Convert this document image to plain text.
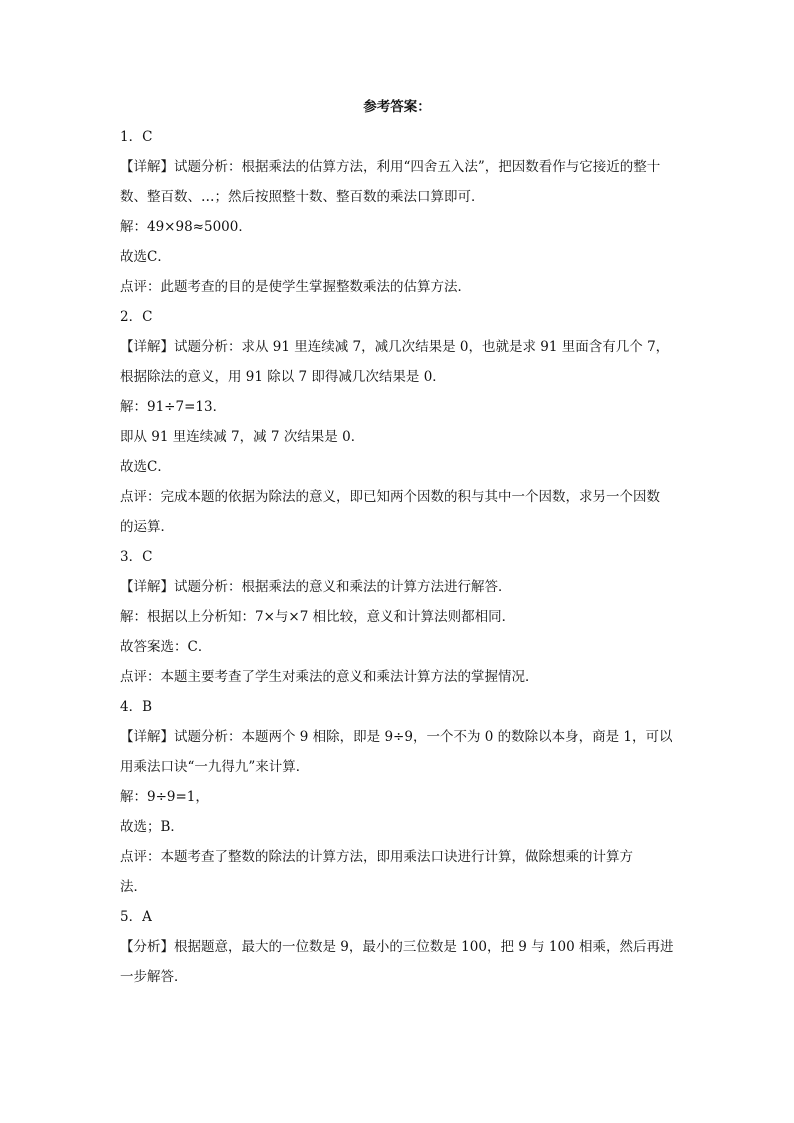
参考答案：
1．C
【详解】试题分析：根据乘法的估算方法，利用“四舍五入法”，把因数看作与它接近的整十
数、整百数、…；然后按照整十数、整百数的乘法口算即可．
解：49×98≈5000．
故选C．
点评：此题考查的目的是使学生掌握整数乘法的估算方法．
2．C
【详解】试题分析：求从 91 里连续减 7，减几次结果是 0，也就是求 91 里面含有几个 7，
根据除法的意义，用 91 除以 7 即得减几次结果是 0．
解：91÷7=13．
即从 91 里连续减 7，减 7 次结果是 0．
故选C．
点评：完成本题的依据为除法的意义，即已知两个因数的积与其中一个因数，求另一个因数
的运算．
3．C
【详解】试题分析：根据乘法的意义和乘法的计算方法进行解答．
解：根据以上分析知：7×与×7 相比较，意义和计算法则都相同．
故答案选：C．
点评：本题主要考查了学生对乘法的意义和乘法计算方法的掌握情况．
4．B
【详解】试题分析：本题两个 9 相除，即是 9÷9，一个不为 0 的数除以本身，商是 1，可以
用乘法口诀“一九得九”来计算．
解：9÷9=1，
故选；B．
点评：本题考查了整数的除法的计算方法，即用乘法口诀进行计算，做除想乘的计算方
法．
5．A
【分析】根据题意，最大的一位数是 9，最小的三位数是 100，把 9 与 100 相乘，然后再进
一步解答．
